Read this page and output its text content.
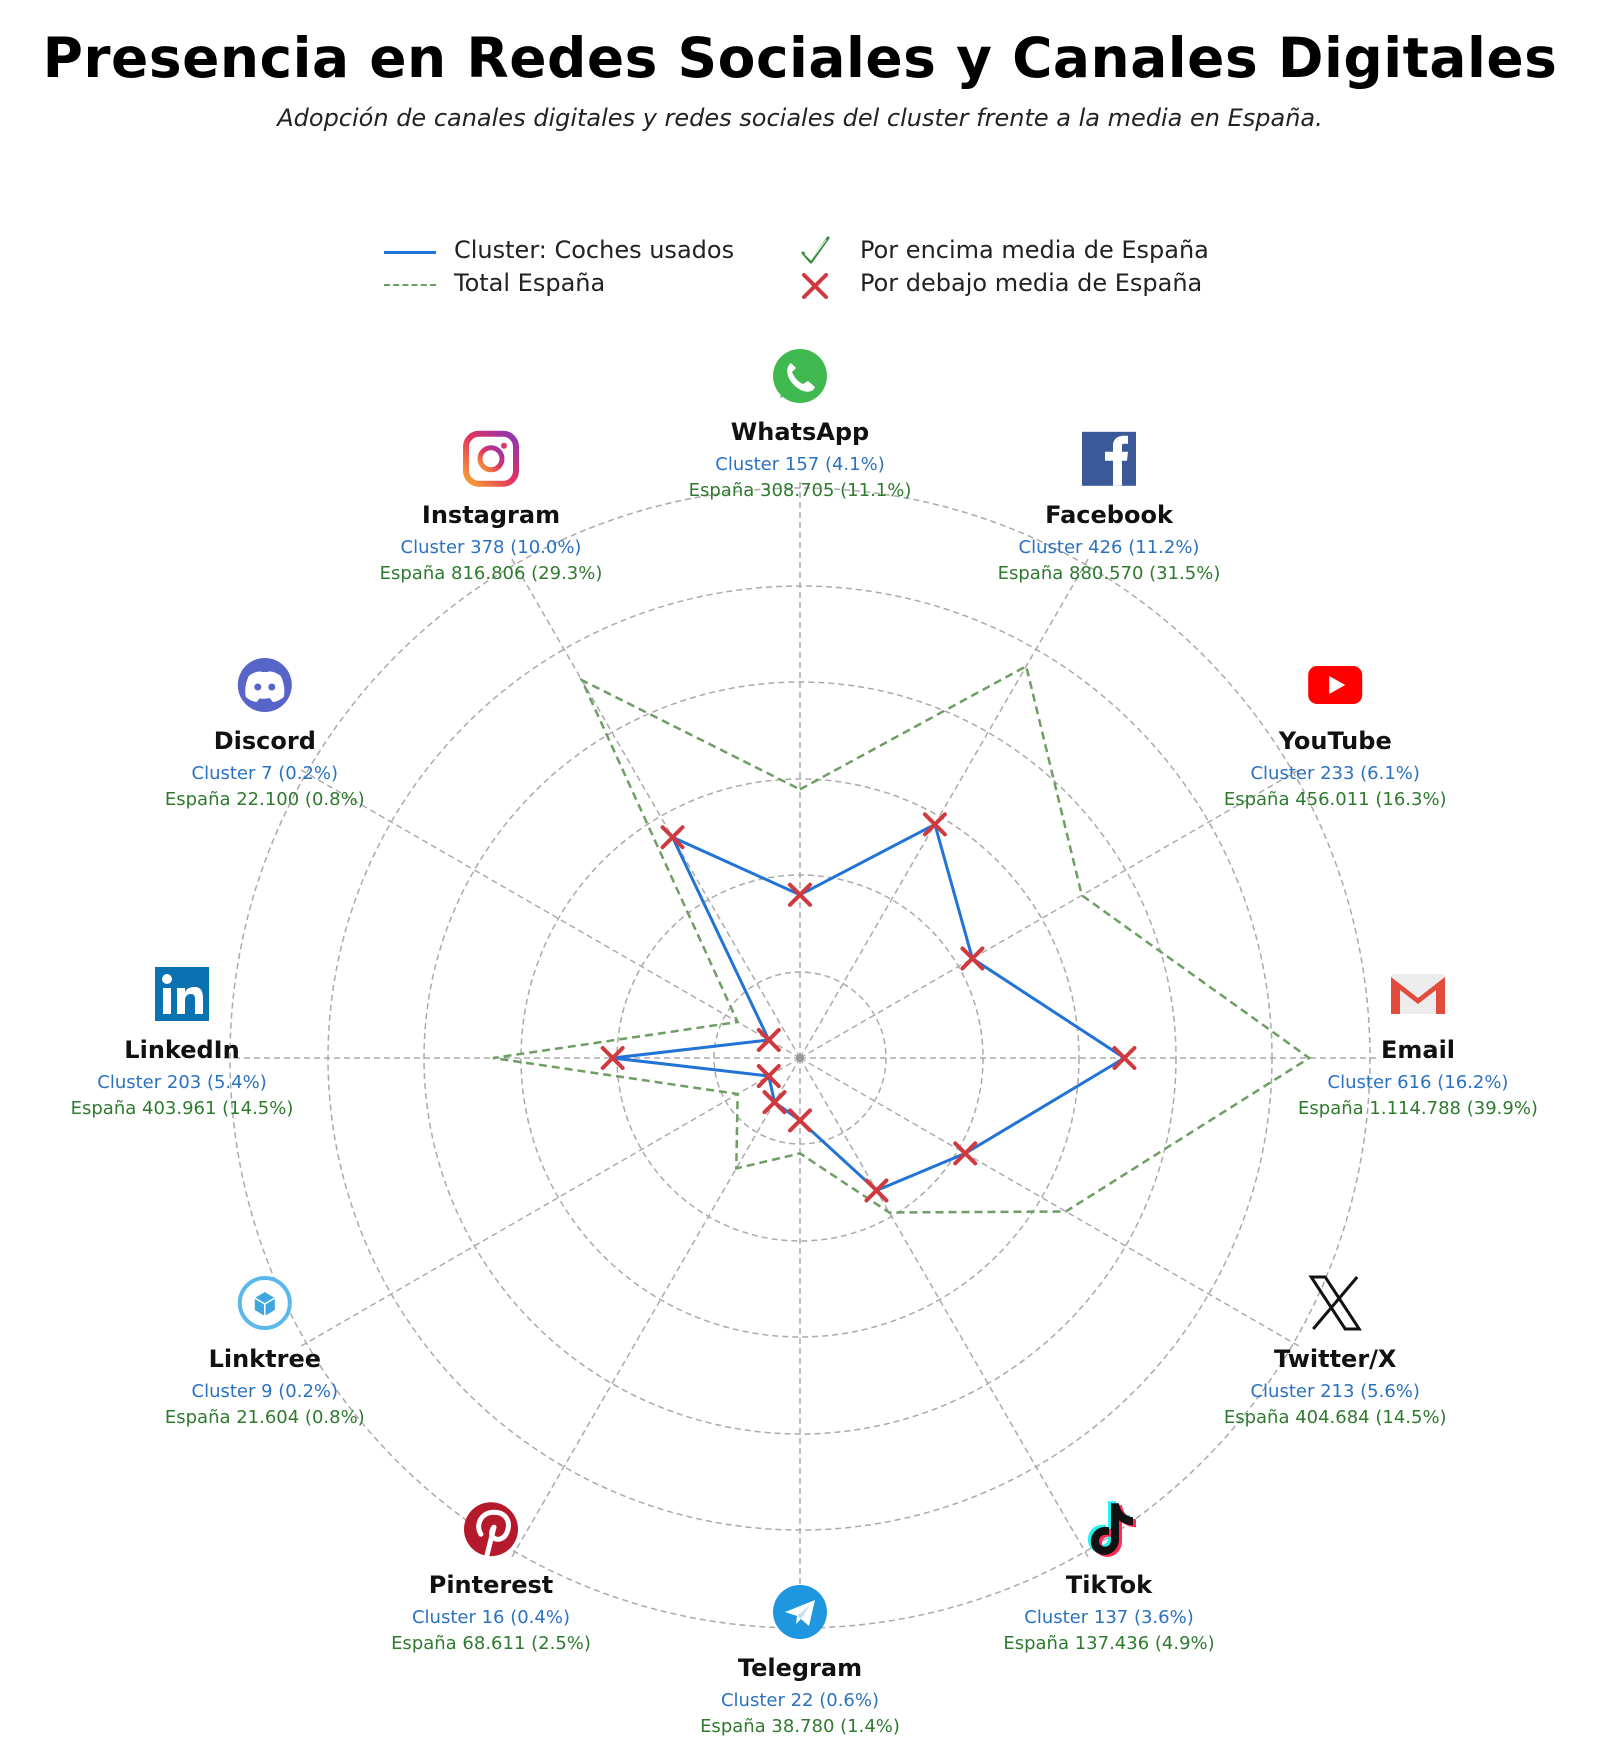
Presencia en Redes Sociales y Canales Digitales
Adopción de canales digitales y redes sociales del cluster frente a la media en España.
Cluster: Coches usados
Total España
Por encima media de España
Por debajo media de España
WhatsApp
Cluster 157 (4.1%)
España 308.705 (11.1%)
Facebook
Cluster 426 (11.2%)
España 880.570 (31.5%)
YouTube
Cluster 233 (6.1%)
España 456.011 (16.3%)
Email
Cluster 616 (16.2%)
España 1.114.788 (39.9%)
Twitter/X
Cluster 213 (5.6%)
España 404.684 (14.5%)
TikTok
Cluster 137 (3.6%)
España 137.436 (4.9%)
Telegram
Cluster 22 (0.6%)
España 38.780 (1.4%)
Pinterest
Cluster 16 (0.4%)
España 68.611 (2.5%)
Linktree
Cluster 9 (0.2%)
España 21.604 (0.8%)
LinkedIn
Cluster 203 (5.4%)
España 403.961 (14.5%)
Discord
Cluster 7 (0.2%)
España 22.100 (0.8%)
Instagram
Cluster 378 (10.0%)
España 816.806 (29.3%)
